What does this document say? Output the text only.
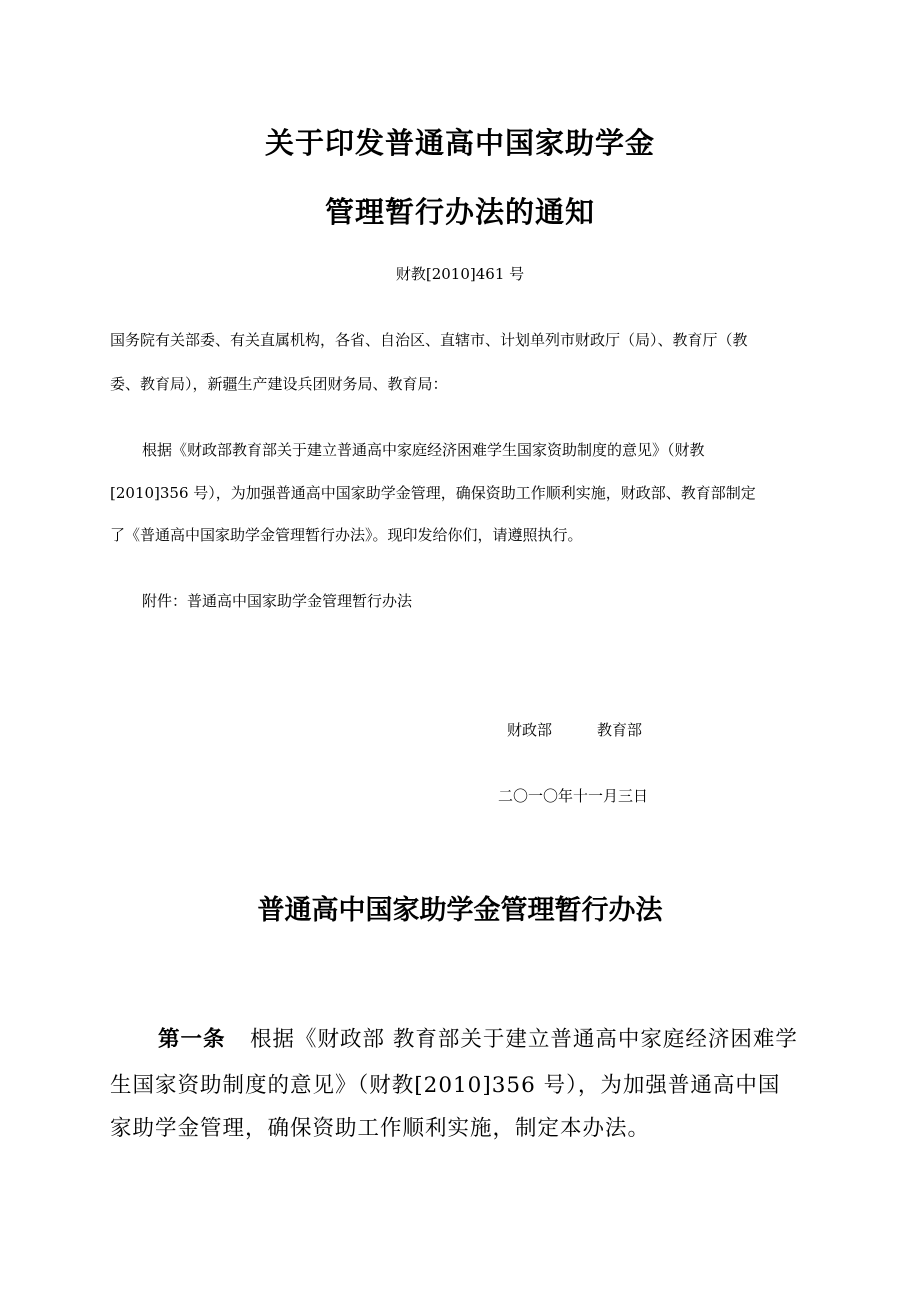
关于印发普通高中国家助学金
管理暂行办法的通知
财教[2010]461 号
国务院有关部委、有关直属机构，各省、自治区、直辖市、计划单列市财政厅（局）、教育厅（教
委、教育局），新疆生产建设兵团财务局、教育局：
根据《财政部教育部关于建立普通高中家庭经济困难学生国家资助制度的意见》（财教
[2010]356 号），为加强普通高中国家助学金管理，确保资助工作顺利实施，财政部、教育部制定
了《普通高中国家助学金管理暂行办法》。现印发给你们，请遵照执行。
附件：普通高中国家助学金管理暂行办法
财政部	教育部
二〇一〇年十一月三日
普通高中国家助学金管理暂行办法
第一条 根据《财政部 教育部关于建立普通高中家庭经济困难学
生国家资助制度的意见》（财教[2010]356 号），为加强普通高中国
家助学金管理，确保资助工作顺利实施，制定本办法。
